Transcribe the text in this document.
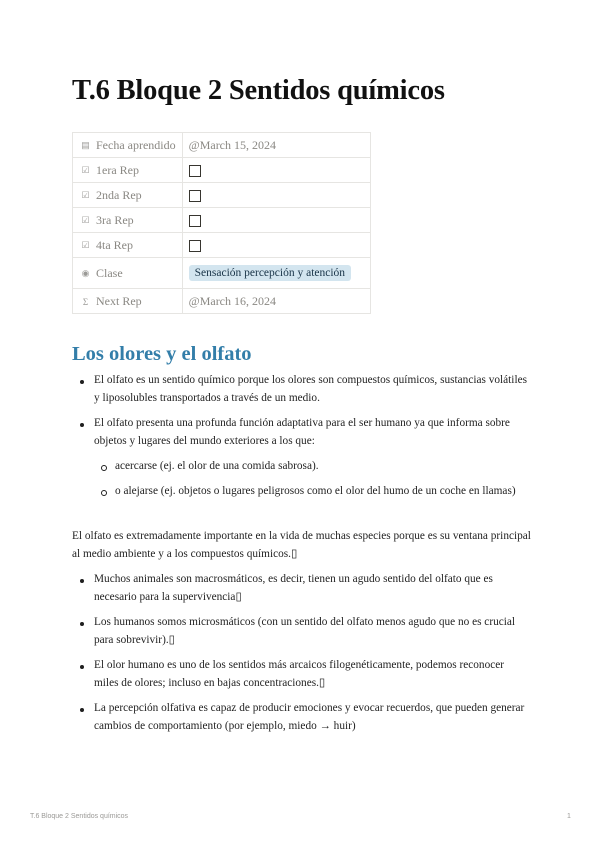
T.6 Bloque 2 Sentidos químicos
▤ Fecha aprendido	@March 15, 2024
☑ 1era Rep	
☑ 2nda Rep	
☑ 3ra Rep	
☑ 4ta Rep	
◉ Clase	Sensación percepción y atención
Σ Next Rep	@March 16, 2024
Los olores y el olfato

El olfato es un sentido químico porque los olores son compuestos químicos, sustancias volátiles y liposolubles transportados a través de un medio.

El olfato presenta una profunda función adaptativa para el ser humano ya que informa sobre objetos y lugares del mundo exteriores a los que:

acercarse (ej. el olor de una comida sabrosa).

o alejarse (ej. objetos o lugares peligrosos como el olor del humo de un coche en llamas)

El olfato es extremadamente importante en la vida de muchas especies porque es su ventana principal al medio ambiente y a los compuestos químicos.▯

Muchos animales son macrosmáticos, es decir, tienen un agudo sentido del olfato que es necesario para la supervivencia▯

Los humanos somos microsmáticos (con un sentido del olfato menos agudo que no es crucial para sobrevivir).▯

El olor humano es uno de los sentidos más arcaicos filogenéticamente, podemos reconocer miles de olores; incluso en bajas concentraciones.▯

La percepción olfativa es capaz de producir emociones y evocar recuerdos, que pueden generar cambios de comportamiento (por ejemplo, miedo → huir)

T.6 Bloque 2 Sentidos químicos	1
